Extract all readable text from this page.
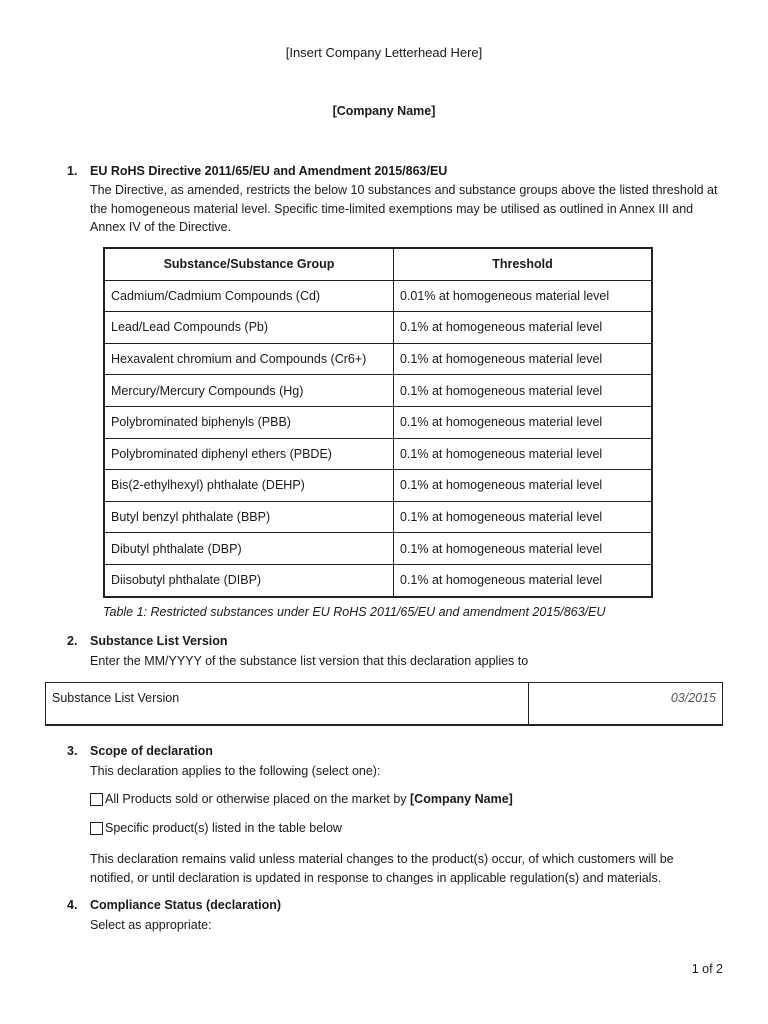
[Insert Company Letterhead Here]
[Company Name]
1. EU RoHS Directive 2011/65/EU and Amendment 2015/863/EU
The Directive, as amended, restricts the below 10 substances and substance groups above the listed threshold at
the homogeneous material level. Specific time-limited exemptions may be utilised as outlined in Annex III and
Annex IV of the Directive.
Substance/Substance Group	Threshold
Cadmium/Cadmium Compounds (Cd)	0.01% at homogeneous material level
Lead/Lead Compounds (Pb)	0.1% at homogeneous material level
Hexavalent chromium and Compounds (Cr6+)	0.1% at homogeneous material level
Mercury/Mercury Compounds (Hg)	0.1% at homogeneous material level
Polybrominated biphenyls (PBB)	0.1% at homogeneous material level
Polybrominated diphenyl ethers (PBDE)	0.1% at homogeneous material level
Bis(2-ethylhexyl) phthalate (DEHP)	0.1% at homogeneous material level
Butyl benzyl phthalate (BBP)	0.1% at homogeneous material level
Dibutyl phthalate (DBP)	0.1% at homogeneous material level
Diisobutyl phthalate (DIBP)	0.1% at homogeneous material level
Table 1: Restricted substances under EU RoHS 2011/65/EU and amendment 2015/863/EU
2. Substance List Version
Enter the MM/YYYY of the substance list version that this declaration applies to
Substance List Version	03/2015
3. Scope of declaration
This declaration applies to the following (select one):
All Products sold or otherwise placed on the market by [Company Name]
Specific product(s) listed in the table below
This declaration remains valid unless material changes to the product(s) occur, of which customers will be
notified, or until declaration is updated in response to changes in applicable regulation(s) and materials.
4. Compliance Status (declaration)
Select as appropriate:
1 of 2
